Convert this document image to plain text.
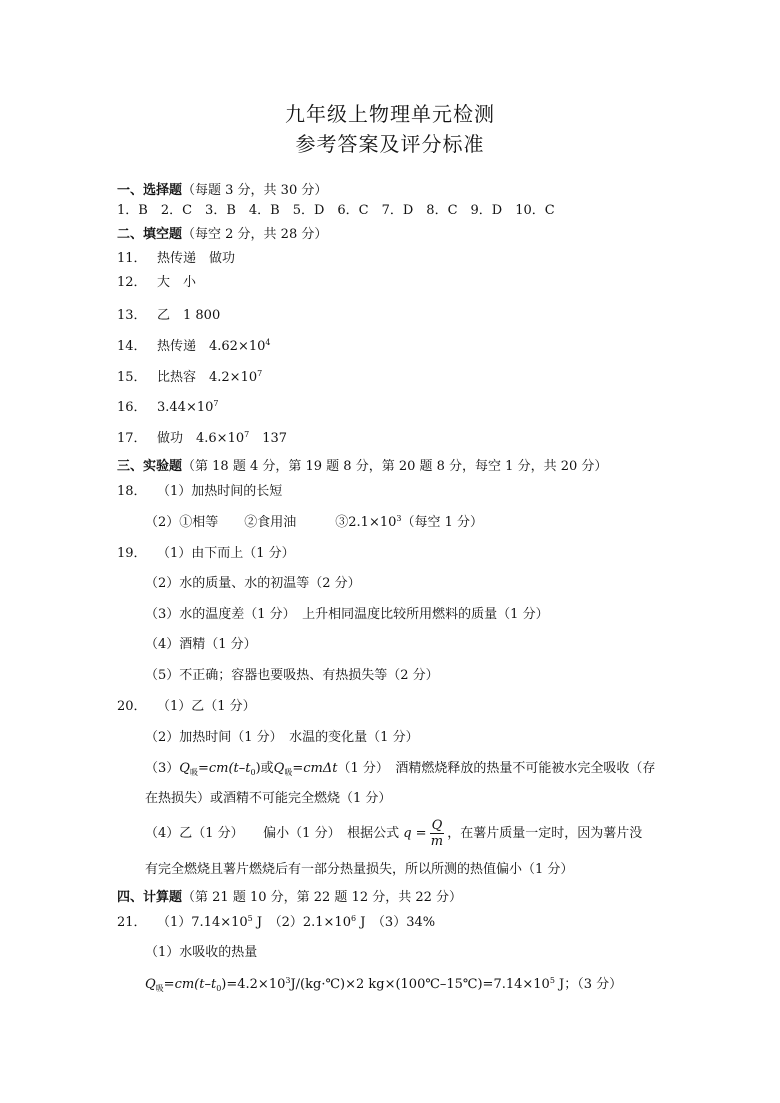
九年级上物理单元检测
参考答案及评分标准
一、选择题（每题 3 分，共 30 分）
1．B　2．C　3．B　4．B　5．D　6．C　7．D　8．C　9．D　10．C
二、填空题（每空 2 分，共 28 分）
11． 热传递　做功
12． 大　小
13． 乙　1 800
14． 热传递　$4.62\times 10^4$
15． 比热容　$4.2\times 10^7$
16． $3.44\times 10^7$
17． 做功　$4.6\times 10^7$　137
三、实验题（第 18 题 4 分，第 19 题 8 分，第 20 题 8 分，每空 1 分，共 20 分）
18． （1）加热时间的长短
（2）①相等　　②食用油　　　$③2.1\times 10^3$（每空 1 分）
19． （1）由下而上（1 分）
（2）水的质量、水的初温等（2 分）
（3）水的温度差（1 分）　上升相同温度比较所用燃料的质量（1 分）
（4）酒精（1 分）
（5）不正确；容器也要吸热、有热损失等（2 分）
20． （1）乙（1 分）
（2）加热时间（1 分）　水温的变化量（1 分）
$(3)Q_吸=cm(t-t_0)$或$Q_吸=cm\Delta t(1$ 分）　酒精燃烧释放的热量不可能被水完全吸收（存
在热损失）或酒精不可能完全燃烧（1 分）
（4）乙（1 分）　　偏小（1 分）　根据公式 $q = \frac{Q}{m}$ ，在薯片质量一定时，因为薯片没
有完全燃烧且薯片燃烧后有一部分热量损失，所以所测的热值偏小（1 分）
四、计算题（第 21 题 10 分，第 22 题 12 分，共 22 分）
21． $(1)7.14\times 10^5$ J　$(2)2.1\times 10^6$ J　（3）34%
（1）水吸收的热量
$Q_吸=cm(t-t_0)=4.2\times 10^3J/(kg\cdot℃)\times 2$ $kg\times(100℃-15℃)=7.14\times 10^5$ J；（3 分）
